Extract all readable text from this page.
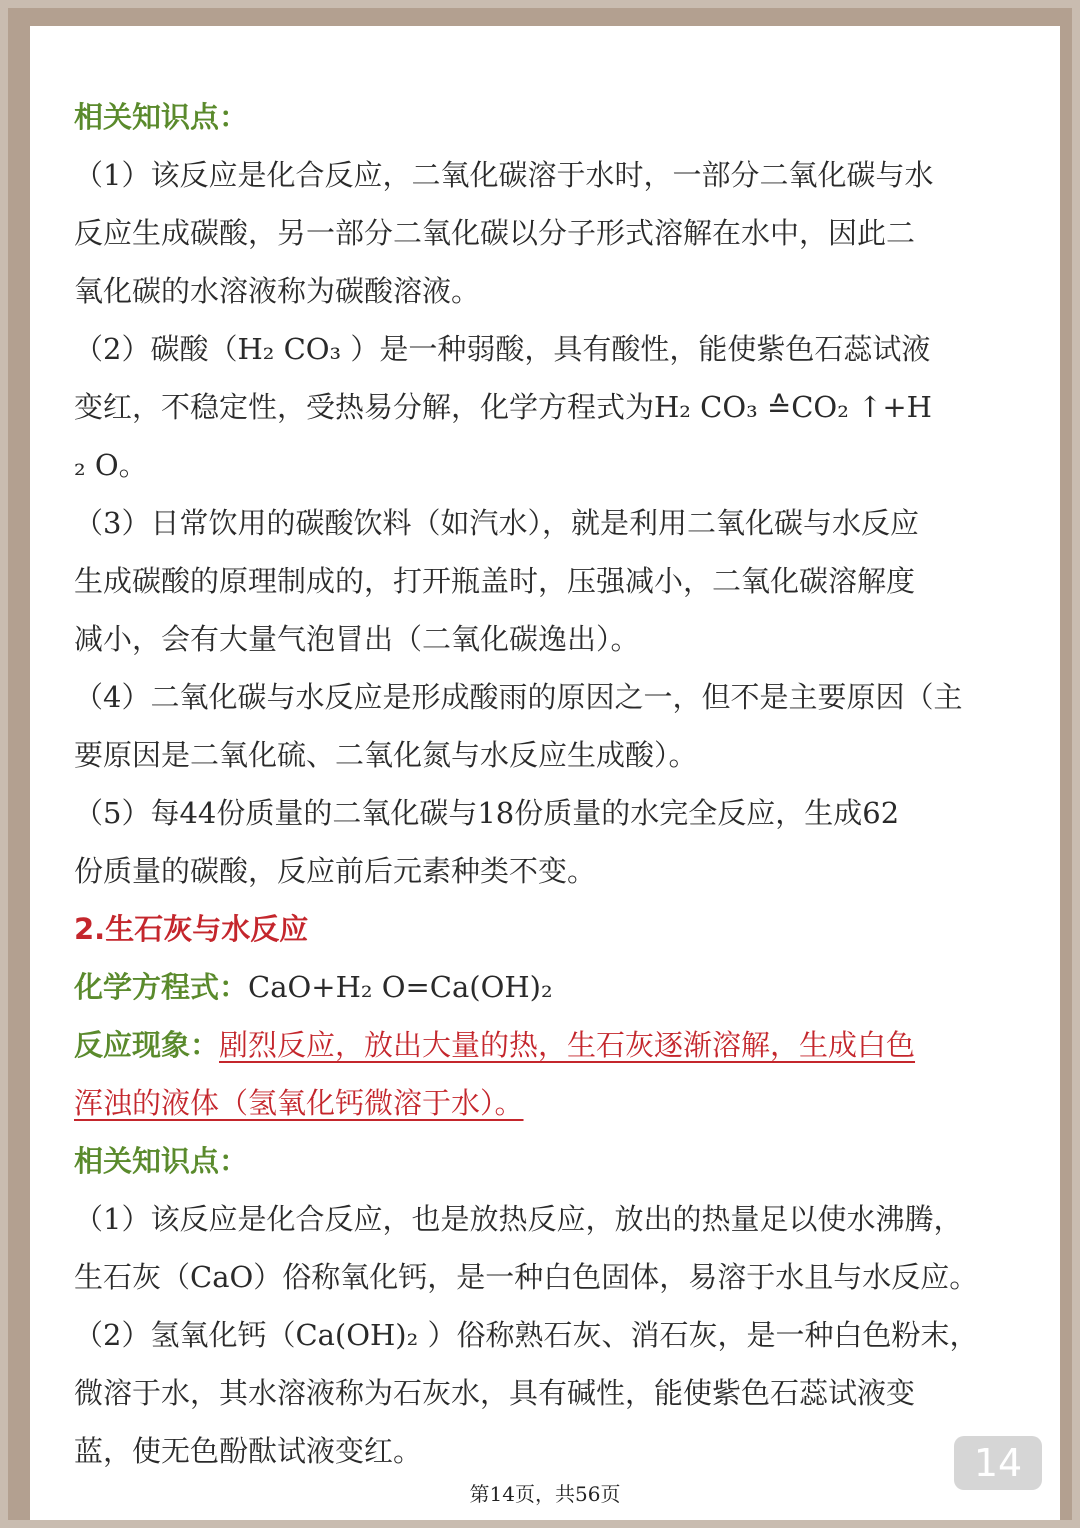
相关知识点：

（1）该反应是化合反应，二氧化碳溶于水时，一部分二氧化碳与水
反应生成碳酸，另一部分二氧化碳以分子形式溶解在水中，因此二
氧化碳的水溶液称为碳酸溶液。

（2）碳酸（H₂ CO₃ ）是一种弱酸，具有酸性，能使紫色石蕊试液
变红，不稳定性，受热易分解，化学方程式为H₂ CO₃ ≙CO₂ ↑+H
₂ O。

（3）日常饮用的碳酸饮料（如汽水），就是利用二氧化碳与水反应
生成碳酸的原理制成的，打开瓶盖时，压强减小，二氧化碳溶解度
减小，会有大量气泡冒出（二氧化碳逸出）。

（4）二氧化碳与水反应是形成酸雨的原因之一，但不是主要原因（主
要原因是二氧化硫、二氧化氮与水反应生成酸）。

（5）每44份质量的二氧化碳与18份质量的水完全反应，生成62
份质量的碳酸，反应前后元素种类不变。

2.生石灰与水反应
化学方程式：CaO+H₂ O=Ca(OH)₂
反应现象：剧烈反应，放出大量的热，生石灰逐渐溶解，生成白色
浑浊的液体（氢氧化钙微溶于水）。
相关知识点：

（1）该反应是化合反应，也是放热反应，放出的热量足以使水沸腾，
生石灰（CaO）俗称氧化钙，是一种白色固体，易溶于水且与水反应。

（2）氢氧化钙（Ca(OH)₂ ）俗称熟石灰、消石灰，是一种白色粉末，
微溶于水，其水溶液称为石灰水，具有碱性，能使紫色石蕊试液变
蓝，使无色酚酞试液变红。	14
第14页，共56页
